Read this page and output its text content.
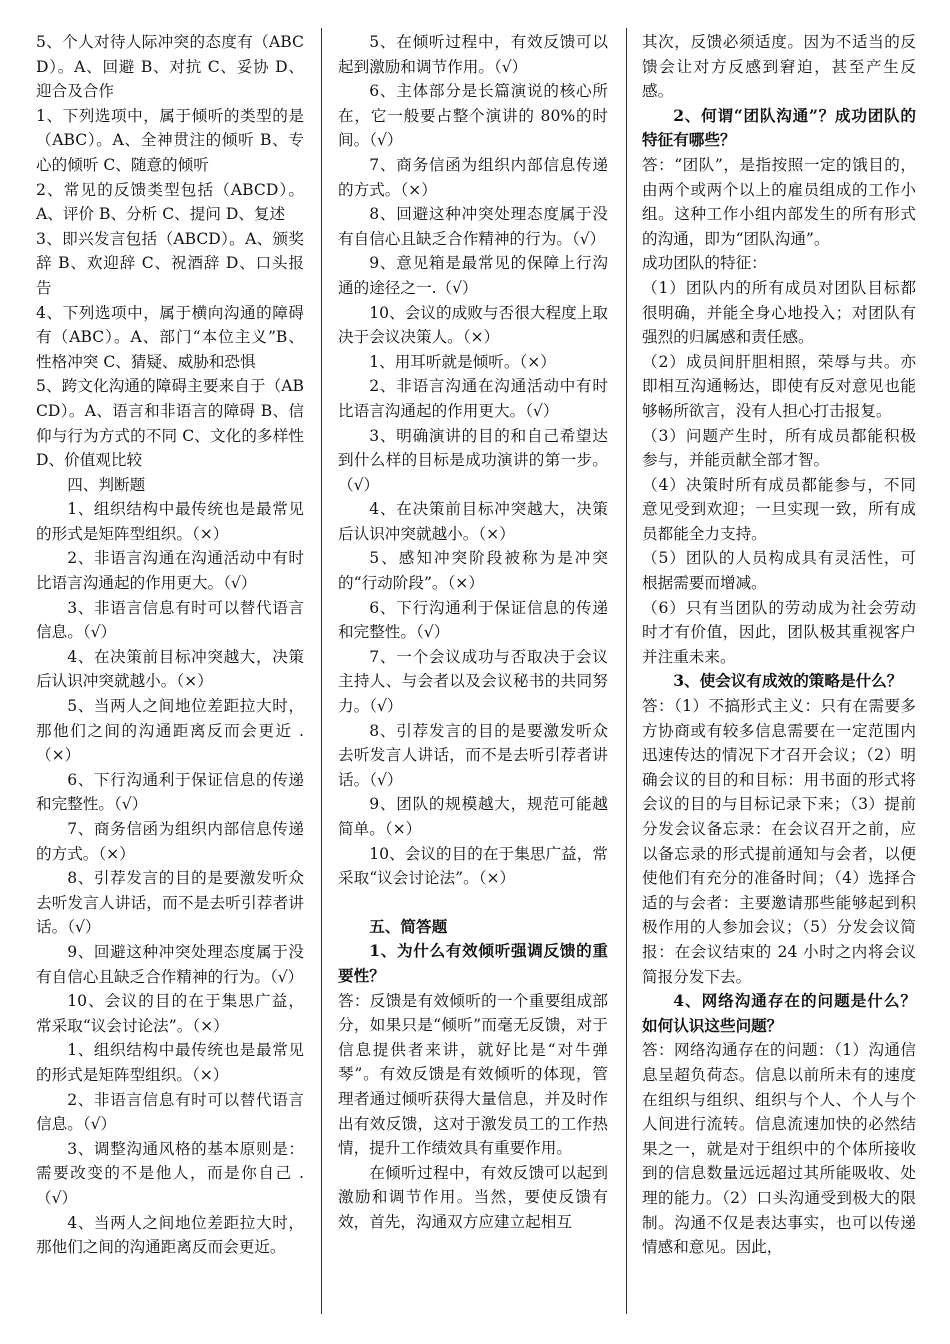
5、个人对待人际冲突的态度有（ABCD）。A、回避 B、对抗 C、妥协 D、迎合及合作

1、下列选项中，属于倾听的类型的是（ABC）。A、全神贯注的倾听 B、专心的倾听 C、随意的倾听

2、常见的反馈类型包括（ABCD）。A、评价 B、分析 C、提问 D、复述

3、即兴发言包括（ABCD）。A、颁奖辞 B、欢迎辞 C、祝酒辞 D、口头报告

4、下列选项中，属于横向沟通的障碍有（ABC）。A、部门“本位主义”B、性格冲突 C、猜疑、威胁和恐惧

5、跨文化沟通的障碍主要来自于（ABCD）。A、语言和非语言的障碍 B、信仰与行为方式的不同 C、文化的多样性 D、价值观比较

四、判断题

1、组织结构中最传统也是最常见的形式是矩阵型组织。（×）

2、非语言沟通在沟通活动中有时比语言沟通起的作用更大。（√）

3、非语言信息有时可以替代语言信息。（√）

4、在决策前目标冲突越大，决策后认识冲突就越小。（×）

5、当两人之间地位差距拉大时，那他们之间的沟通距离反而会更近 .（×）

6、下行沟通利于保证信息的传递和完整性。（√）

7、商务信函为组织内部信息传递的方式。（×）

8、引荐发言的目的是要激发听众去听发言人讲话，而不是去听引荐者讲话。（√）

9、回避这种冲突处理态度属于没有自信心且缺乏合作精神的行为。（√）

10、会议的目的在于集思广益，常采取“议会讨论法”。（×）

1、组织结构中最传统也是最常见的形式是矩阵型组织。（×）

2、非语言信息有时可以替代语言信息。（√）

3、调整沟通风格的基本原则是：需要改变的不是他人，而是你自己 .（√）

4、当两人之间地位差距拉大时，那他们之间的沟通距离反而会更近。

5、在倾听过程中，有效反馈可以起到激励和调节作用。（√）

6、主体部分是长篇演说的核心所在，它一般要占整个演讲的 80%的时间。（√）

7、商务信函为组织内部信息传递的方式。（×）

8、回避这种冲突处理态度属于没有自信心且缺乏合作精神的行为。（√）

9、意见箱是最常见的保障上行沟通的途径之一.（√）

10、会议的成败与否很大程度上取决于会议决策人。（×）

1、用耳听就是倾听。（×）

2、非语言沟通在沟通活动中有时比语言沟通起的作用更大。（√）

3、明确演讲的目的和自己希望达到什么样的目标是成功演讲的第一步。（√）

4、在决策前目标冲突越大，决策后认识冲突就越小。（×）

5、感知冲突阶段被称为是冲突的“行动阶段”。（×）

6、下行沟通利于保证信息的传递和完整性。（√）

7、一个会议成功与否取决于会议主持人、与会者以及会议秘书的共同努力。（√）

8、引荐发言的目的是要激发听众去听发言人讲话，而不是去听引荐者讲话。（√）

9、团队的规模越大，规范可能越简单。（×）

10、会议的目的在于集思广益，常采取“议会讨论法”。（×）

五、简答题

1、为什么有效倾听强调反馈的重要性？

答：反馈是有效倾听的一个重要组成部分，如果只是“倾听”而毫无反馈，对于信息提供者来讲，就好比是“对牛弹琴”。有效反馈是有效倾听的体现，管理者通过倾听获得大量信息，并及时作出有效反馈，这对于激发员工的工作热情，提升工作绩效具有重要作用。

在倾听过程中，有效反馈可以起到激励和调节作用。当然，要使反馈有效，首先，沟通双方应建立起相互

其次，反馈必须适度。因为不适当的反馈会让对方反感到窘迫，甚至产生反感。

2、何谓“团队沟通”？成功团队的特征有哪些？

答：“团队”，是指按照一定的饿目的，由两个或两个以上的雇员组成的工作小组。这种工作小组内部发生的所有形式的沟通，即为“团队沟通”。

成功团队的特征：

（1）团队内的所有成员对团队目标都很明确，并能全身心地投入；对团队有强烈的归属感和责任感。

（2）成员间肝胆相照，荣辱与共。亦即相互沟通畅达，即使有反对意见也能够畅所欲言，没有人担心打击报复。

（3）问题产生时，所有成员都能积极参与，并能贡献全部才智。

（4）决策时所有成员都能参与，不同意见受到欢迎；一旦实现一致，所有成员都能全力支持。

（5）团队的人员构成具有灵活性，可根据需要而增减。

（6）只有当团队的劳动成为社会劳动时才有价值，因此，团队极其重视客户并注重未来。

3、使会议有成效的策略是什么？

答：（1）不搞形式主义：只有在需要多方协商或有较多信息需要在一定范围内迅速传达的情况下才召开会议；（2）明确会议的目的和目标：用书面的形式将会议的目的与目标记录下来；（3）提前分发会议备忘录：在会议召开之前，应以备忘录的形式提前通知与会者，以便使他们有充分的准备时间；（4）选择合适的与会者：主要邀请那些能够起到积极作用的人参加会议；（5）分发会议简报：在会议结束的 24 小时之内将会议简报分发下去。

4、网络沟通存在的问题是什么？如何认识这些问题？

答：网络沟通存在的问题：（1）沟通信息呈超负荷态。信息以前所未有的速度在组织与组织、组织与个人、个人与个人间进行流转。信息流速加快的必然结果之一，就是对于组织中的个体所接收到的信息数量远远超过其所能吸收、处理的能力。（2）口头沟通受到极大的限制。沟通不仅是表达事实，也可以传递情感和意见。因此，
